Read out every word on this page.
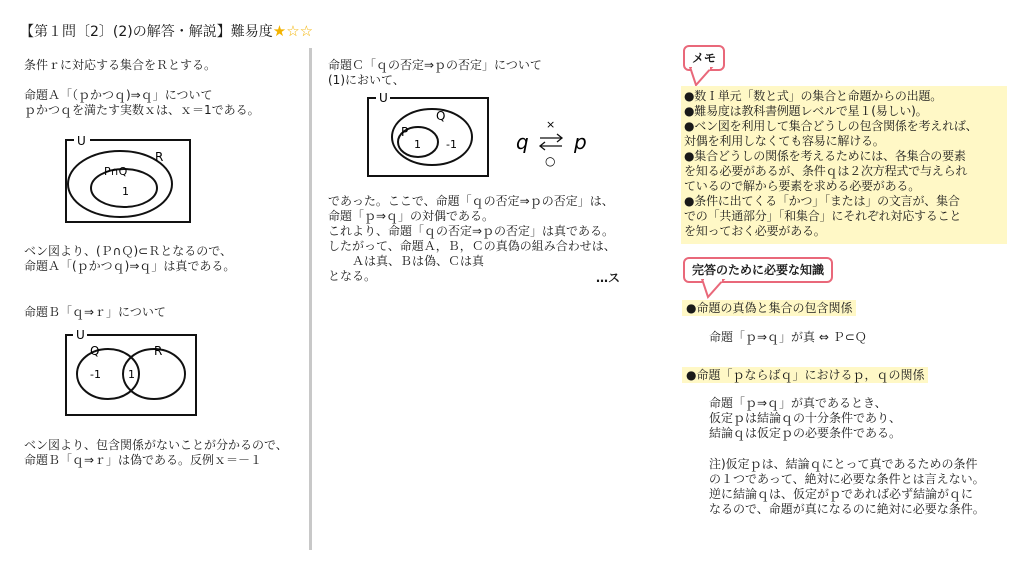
【第１問〔2〕(2)の解答・解説】難易度★☆☆
条件ｒに対応する集合をＲとする。
命題Ａ「（ｐかつｑ)⇒ｑ」について
ｐかつｑを満たす実数ｘは、ｘ＝1である。
U
R
P∩Q
1
ベン図より、(Ｐ∩Ｑ)⊂Ｒとなるので、
命題Ａ「(ｐかつｑ)⇒ｑ」は真である。
命題Ｂ「ｑ⇒ｒ」について
U
Q	R
-1 1
ベン図より、包含関係がないことが分かるので、
命題Ｂ「ｑ⇒ｒ」は偽である。反例ｘ＝－１
命題Ｃ「ｑの否定⇒ｐの否定」について
(1)において、
U
Q
P
1 -1	q p
×
○
であった。ここで、命題「ｑの否定⇒ｐの否定」は、
命題「ｐ⇒ｑ」の対偶である。
これより、命題「ｑの否定⇒ｐの否定」は真である。
したがって、命題Ａ，Ｂ，Ｃの真偽の組み合わせは、
　　Ａは真、Ｂは偽、Ｃは真
となる。	…ス
メモ
●数Ｉ単元「数と式」の集合と命題からの出題。
●難易度は教科書例題レベルで星１(易しい)。
●ベン図を利用して集合どうしの包含関係を考えれば、
対偶を利用しなくても容易に解ける。
●集合どうしの関係を考えるためには、各集合の要素
を知る必要があるが、条件ｑは２次方程式で与えられ
ているので解から要素を求める必要がある。
●条件に出てくる「かつ」「または」の文言が、集合
での「共通部分」「和集合」にそれぞれ対応すること
を知っておく必要がある。
完答のために必要な知識
●命題の真偽と集合の包含関係
命題「ｐ⇒ｑ」が真 ⇔ Ｐ⊂Ｑ
●命題「ｐならばｑ」におけるｐ，ｑの関係
命題「ｐ⇒ｑ」が真であるとき、
仮定ｐは結論ｑの十分条件であり、
結論ｑは仮定ｐの必要条件である。
注)仮定ｐは、結論ｑにとって真であるための条件
の１つであって、絶対に必要な条件とは言えない。
逆に結論ｑは、仮定がｐであれば必ず結論がｑに
なるので、命題が真になるのに絶対に必要な条件。
